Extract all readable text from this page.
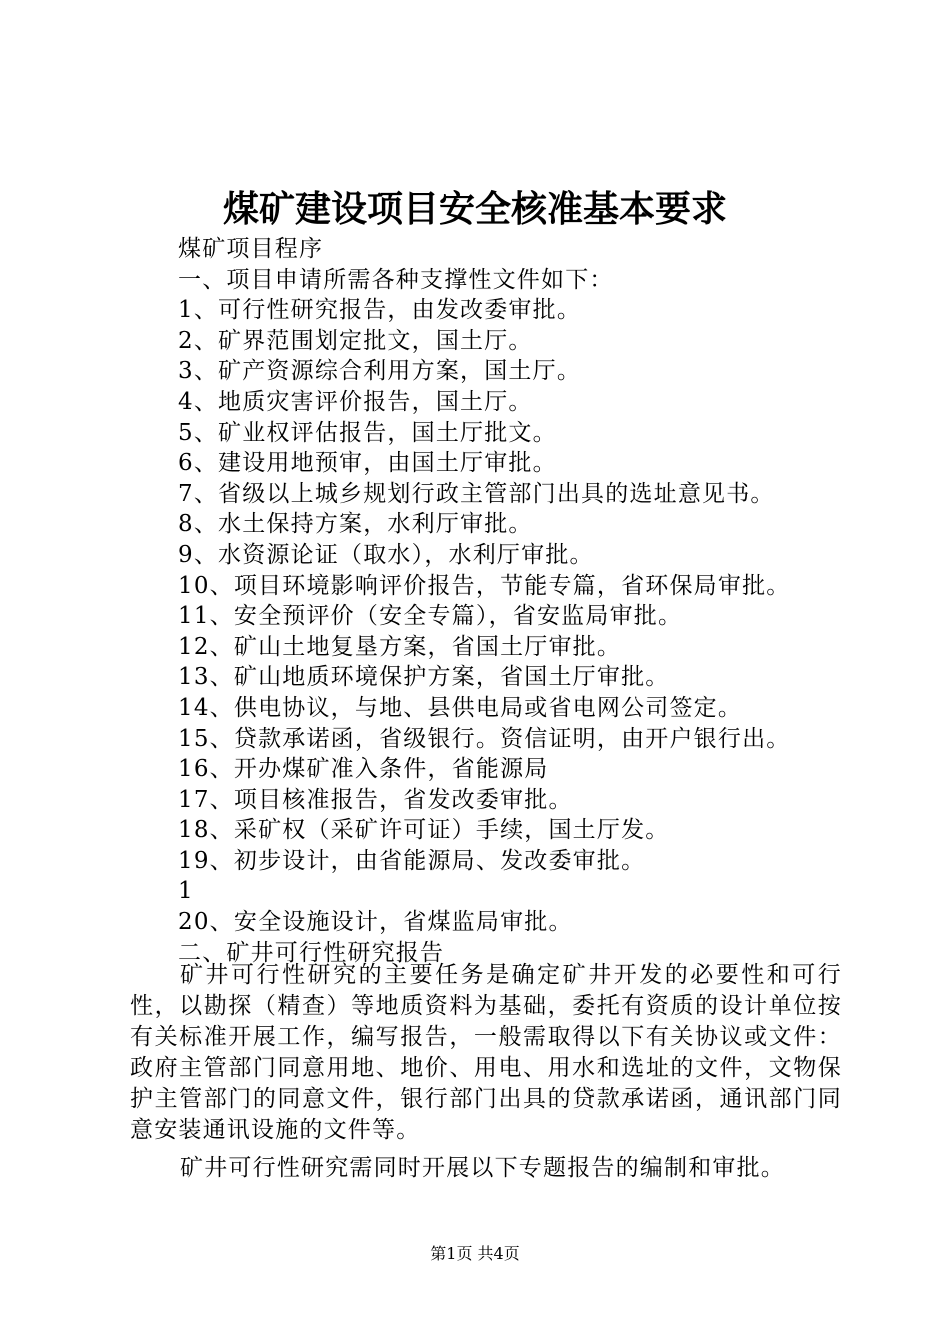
煤矿建设项目安全核准基本要求
煤矿项目程序
一、项目申请所需各种支撑性文件如下：
1、可行性研究报告，由发改委审批。
2、矿界范围划定批文，国土厅。
3、矿产资源综合利用方案，国土厅。
4、地质灾害评价报告，国土厅。
5、矿业权评估报告，国土厅批文。
6、建设用地预审，由国土厅审批。
7、省级以上城乡规划行政主管部门出具的选址意见书。
8、水土保持方案，水利厅审批。
9、水资源论证（取水），水利厅审批。
10、项目环境影响评价报告，节能专篇，省环保局审批。
11、安全预评价（安全专篇），省安监局审批。
12、矿山土地复垦方案，省国土厅审批。
13、矿山地质环境保护方案，省国土厅审批。
14、供电协议，与地、县供电局或省电网公司签定。
15、贷款承诺函，省级银行。资信证明，由开户银行出。
16、开办煤矿准入条件，省能源局
17、项目核准报告，省发改委审批。
18、采矿权（采矿许可证）手续，国土厅发。
19、初步设计，由省能源局、发改委审批。
1
20、安全设施设计，省煤监局审批。
二、矿井可行性研究报告

矿井可行性研究的主要任务是确定矿井开发的必要性和可行性，以勘探（精查）等地质资料为基础，委托有资质的设计单位按有关标准开展工作，编写报告，一般需取得以下有关协议或文件：政府主管部门同意用地、地价、用电、用水和选址的文件，文物保护主管部门的同意文件，银行部门出具的贷款承诺函，通讯部门同意安装通讯设施的文件等。

矿井可行性研究需同时开展以下专题报告的编制和审批。

第1页 共4页
